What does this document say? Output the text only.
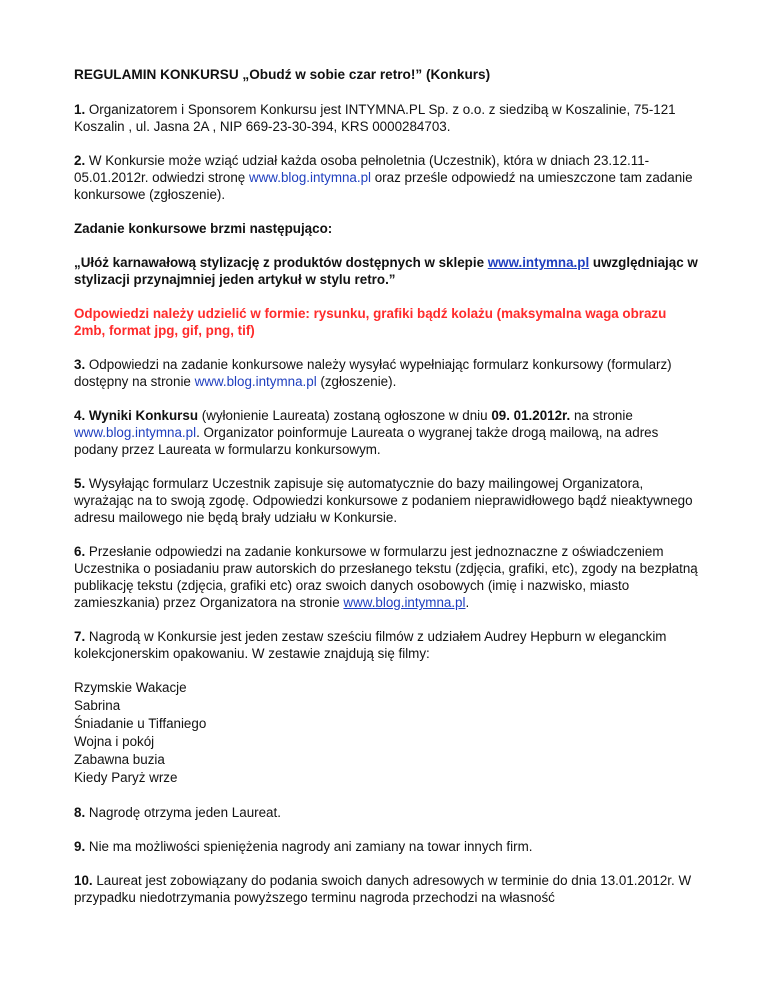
REGULAMIN KONKURSU „Obudź w sobie czar retro!” (Konkurs)

1. Organizatorem i Sponsorem Konkursu jest INTYMNA.PL Sp. z o.o. z siedzibą w Koszalinie, 75-121 Koszalin , ul. Jasna 2A , NIP 669-23-30-394, KRS 0000284703.

2. W Konkursie może wziąć udział każda osoba pełnoletnia (Uczestnik), która w dniach 23.12.11-05.01.2012r. odwiedzi stronę www.blog.intymna.pl oraz prześle odpowiedź na umieszczone tam zadanie konkursowe (zgłoszenie).

Zadanie konkursowe brzmi następująco:

„Ułóż karnawałową stylizację z produktów dostępnych w sklepie www.intymna.pl uwzględniając w stylizacji przynajmniej jeden artykuł w stylu retro.”

Odpowiedzi należy udzielić w formie: rysunku, grafiki bądź kolażu (maksymalna waga obrazu 2mb, format jpg, gif, png, tif)

3. Odpowiedzi na zadanie konkursowe należy wysyłać wypełniając formularz konkursowy (formularz) dostępny na stronie www.blog.intymna.pl (zgłoszenie).

4. Wyniki Konkursu (wyłonienie Laureata) zostaną ogłoszone w dniu 09. 01.2012r. na stronie www.blog.intymna.pl. Organizator poinformuje Laureata o wygranej także drogą mailową, na adres podany przez Laureata w formularzu konkursowym.

5. Wysyłając formularz Uczestnik zapisuje się automatycznie do bazy mailingowej Organizatora, wyrażając na to swoją zgodę. Odpowiedzi konkursowe z podaniem nieprawidłowego bądź nieaktywnego adresu mailowego nie będą brały udziału w Konkursie.

6. Przesłanie odpowiedzi na zadanie konkursowe w formularzu jest jednoznaczne z oświadczeniem Uczestnika o posiadaniu praw autorskich do przesłanego tekstu (zdjęcia, grafiki, etc), zgody na bezpłatną publikację tekstu (zdjęcia, grafiki etc) oraz swoich danych osobowych (imię i nazwisko, miasto zamieszkania) przez Organizatora na stronie www.blog.intymna.pl.

7. Nagrodą w Konkursie jest jeden zestaw sześciu filmów z udziałem Audrey Hepburn w eleganckim kolekcjonerskim opakowaniu. W zestawie znajdują się filmy:

Rzymskie Wakacje
Sabrina
Śniadanie u Tiffaniego
Wojna i pokój
Zabawna buzia
Kiedy Paryż wrze

8. Nagrodę otrzyma jeden Laureat.

9. Nie ma możliwości spieniężenia nagrody ani zamiany na towar innych firm.

10. Laureat jest zobowiązany do podania swoich danych adresowych w terminie do dnia 13.01.2012r. W przypadku niedotrzymania powyższego terminu nagroda przechodzi na własność
